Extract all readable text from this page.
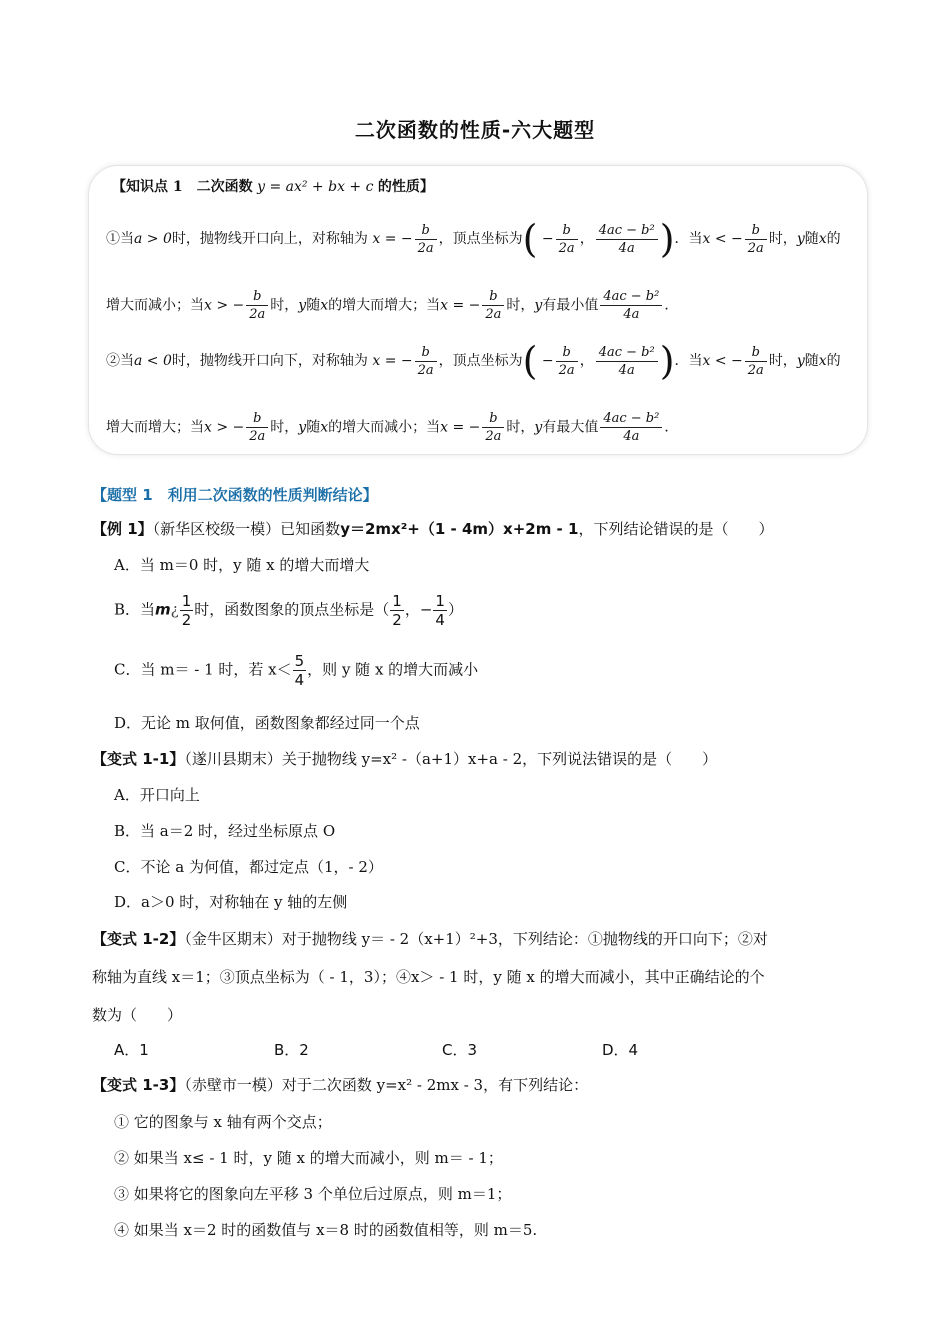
二次函数的性质-六大题型
【知识点 1　二次函数 y = ax² + bx + c 的性质】
①当a > 0时，抛物线开口向上，对称轴为 x = − $\frac{b}{2a}$ ，顶点坐标为( − $\frac{b}{2a}$ ， $\frac{\text{4ac − b²}}{4a}$ )．当x < − $\frac{b}{2a}$ 时，y随x的
增大而减小；当x > − $\frac{b}{2a}$ 时，y随x的增大而增大；当x = − $\frac{b}{2a}$ 时，y有最小值 $\frac{\text{4ac − b²}}{4a}$ ．
②当a < 0时，抛物线开口向下，对称轴为 x = − $\frac{b}{2a}$ ，顶点坐标为( − $\frac{b}{2a}$ ， $\frac{\text{4ac − b²}}{4a}$ )．当x < − $\frac{b}{2a}$ 时，y随x的
增大而增大；当x > − $\frac{b}{2a}$ 时，y随x的增大而减小；当x = − $\frac{b}{2a}$ 时，y有最大值 $\frac{\text{4ac − b²}}{4a}$ ．
【题型 1　利用二次函数的性质判断结论】
【例 1】（新华区校级一模）已知函数y＝2mx²+（1 - 4m）x+2m - 1，下列结论错误的是（　　）
A．当 m＝0 时，y 随 x 的增大而增大
B．当m¿ $\frac{1}{2}$ 时，函数图象的顶点坐标是（ $\frac{1}{2}$ ，− $\frac{1}{4}$ ）
C．当 m＝ - 1 时，若 $x< \frac{5}{4}$ ，则 y 随 x 的增大而减小
D．无论 m 取何值，函数图象都经过同一个点
【变式 1-1】（遂川县期末）关于抛物线 y=x² -（a+1）x+a - 2，下列说法错误的是（　　）
A．开口向上
B．当 a＝2 时，经过坐标原点 O
C．不论 a 为何值，都过定点（1，- 2）
D．a＞0 时，对称轴在 y 轴的左侧
【变式 1-2】（金牛区期末）对于抛物线 y＝ - 2（x+1）²+3，下列结论：①抛物线的开口向下；②对
称轴为直线 x＝1；③顶点坐标为（ - 1，3）；④x＞ - 1 时，y 随 x 的增大而减小，其中正确结论的个
数为（　　）
A．1	B．2	C．3	D．4
【变式 1-3】（赤壁市一模）对于二次函数 y=x² - 2mx - 3，有下列结论：
① 它的图象与 x 轴有两个交点；
② 如果当 x≤ - 1 时，y 随 x 的增大而减小，则 m＝ - 1；
③ 如果将它的图象向左平移 3 个单位后过原点，则 m＝1；
④ 如果当 x＝2 时的函数值与 x＝8 时的函数值相等，则 m＝5.
